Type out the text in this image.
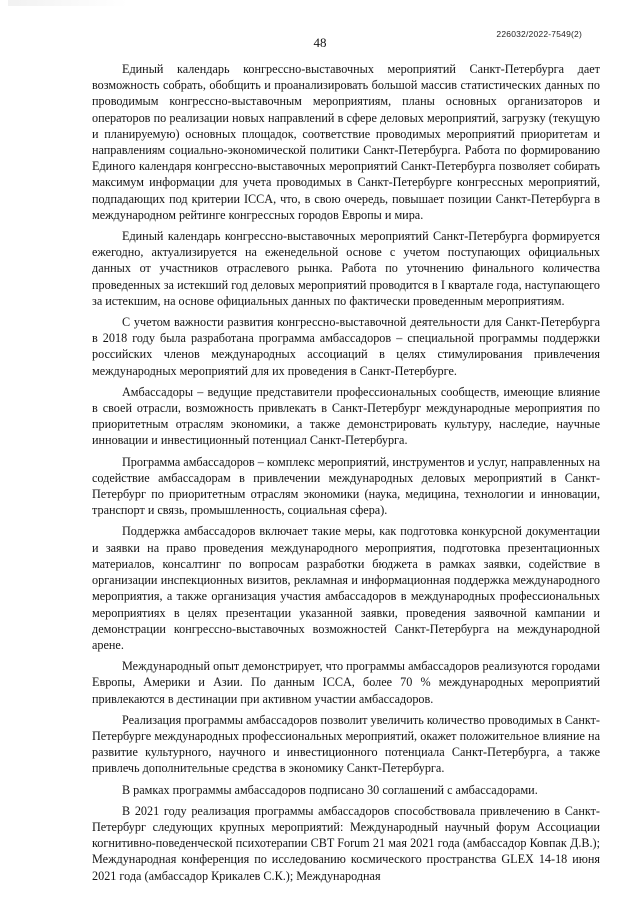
226032/2022-7549(2)
48

Единый календарь конгрессно-выставочных мероприятий Санкт-Петербурга дает возможность собрать, обобщить и проанализировать большой массив статистических данных по проводимым конгрессно-выставочным мероприятиям, планы основных организаторов и операторов по реализации новых направлений в сфере деловых мероприятий, загрузку (текущую и планируемую) основных площадок, соответствие проводимых мероприятий приоритетам и направлениям социально-экономической политики Санкт-Петербурга. Работа по формированию Единого календаря конгрессно-выставочных мероприятий Санкт-Петербурга позволяет собирать максимум информации для учета проводимых в Санкт-Петербурге конгрессных мероприятий, подпадающих под критерии ICCA, что, в свою очередь, повышает позиции Санкт-Петербурга в международном рейтинге конгрессных городов Европы и мира.

Единый календарь конгрессно-выставочных мероприятий Санкт-Петербурга формируется ежегодно, актуализируется на еженедельной основе с учетом поступающих официальных данных от участников отраслевого рынка. Работа по уточнению финального количества проведенных за истекший год деловых мероприятий проводится в I квартале года, наступающего за истекшим, на основе официальных данных по фактически проведенным мероприятиям.

С учетом важности развития конгрессно-выставочной деятельности для Санкт-Петербурга в 2018 году была разработана программа амбассадоров – специальной программы поддержки российских членов международных ассоциаций в целях стимулирования привлечения международных мероприятий для их проведения в Санкт-Петербурге.

Амбассадоры – ведущие представители профессиональных сообществ, имеющие влияние в своей отрасли, возможность привлекать в Санкт-Петербург международные мероприятия по приоритетным отраслям экономики, а также демонстрировать культуру, наследие, научные инновации и инвестиционный потенциал Санкт-Петербурга.

Программа амбассадоров – комплекс мероприятий, инструментов и услуг, направленных на содействие амбассадорам в привлечении международных деловых мероприятий в Санкт-Петербург по приоритетным отраслям экономики (наука, медицина, технологии и инновации, транспорт и связь, промышленность, социальная сфера).

Поддержка амбассадоров включает такие меры, как подготовка конкурсной документации и заявки на право проведения международного мероприятия, подготовка презентационных материалов, консалтинг по вопросам разработки бюджета в рамках заявки, содействие в организации инспекционных визитов, рекламная и информационная поддержка международного мероприятия, а также организация участия амбассадоров в международных профессиональных мероприятиях в целях презентации указанной заявки, проведения заявочной кампании и демонстрации конгрессно-выставочных возможностей Санкт-Петербурга на международной арене.

Международный опыт демонстрирует, что программы амбассадоров реализуются городами Европы, Америки и Азии. По данным ICCA, более 70 % международных мероприятий привлекаются в дестинации при активном участии амбассадоров.

Реализация программы амбассадоров позволит увеличить количество проводимых в Санкт-Петербурге международных профессиональных мероприятий, окажет положительное влияние на развитие культурного, научного и инвестиционного потенциала Санкт-Петербурга, а также привлечь дополнительные средства в экономику Санкт-Петербурга.

В рамках программы амбассадоров подписано 30 соглашений с амбассадорами.

В 2021 году реализация программы амбассадоров способствовала привлечению в Санкт-Петербург следующих крупных мероприятий: Международный научный форум Ассоциации когнитивно-поведенческой психотерапии CBT Forum 21 мая 2021 года (амбассадор Ковпак Д.В.); Международная конференция по исследованию космического пространства GLEX 14-18 июня 2021 года (амбассадор Крикалев С.К.); Международная
